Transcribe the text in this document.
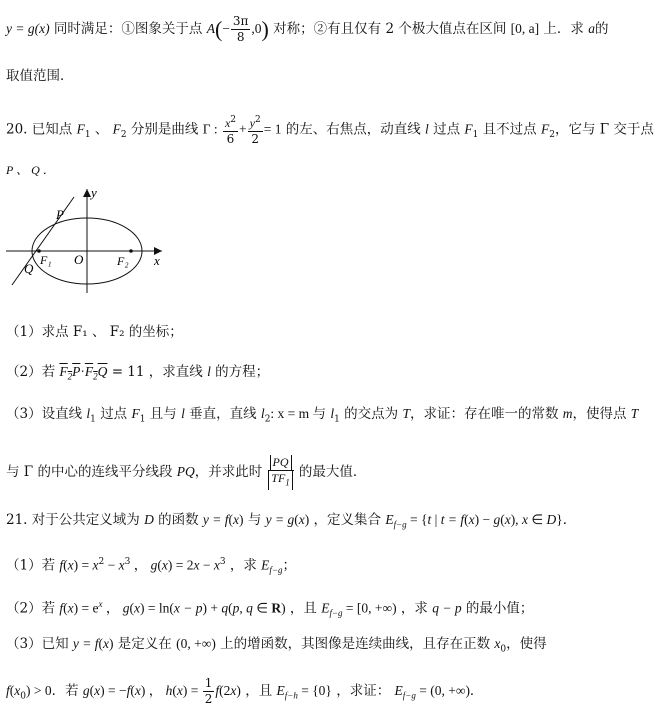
y = g(x) 同时满足：①图象关于点 $A(- \frac{3\pi}{8} ,0)$ 对称；②有且仅有 2 个极大值点在区间 [0, a] 上．求 a的
取值范围．
20. 已知点 $F_1$ 、 $F_2$ 分别是曲线 Γ : $\frac{x^2}{6} + \frac{y^2}{2} = 1$ 的左、右焦点，动直线 l 过点 $F_1$ 且不过点 $F_2$，它与 Γ 交于点
P 、 Q ．
y
x
P
Q
O
F₁	F₂
（1）求点 F₁ 、 F₂ 的坐标；
（2）若 $F_2P\cdot F_2Q = 11$ ，求直线 l 的方程；
（3）设直线 $l_1$ 过点 $F_1$ 且与 l 垂直，直线 $l_2$: x = m 与 $l_1$ 的交点为 T，求证：存在唯一的常数 m，使得点 T
与 Γ 的中心的连线平分线段 PQ，并求此时 $\frac{PQ}{TF_1}$ 的最大值．
21. 对于公共定义域为 D 的函数 y = f(x) 与 y = g(x) ，定义集合 $E_{f-g} = \{t$ | t = f(x) − g(x), x ∈ D}．
（1）若 $f(x) = x^2 - x^3$ ， $g(x) = 2x - x^3$ ，求 $E_{f-g}$；
（2）若 $f(x) = e^x$ ， g(x) = ln(x − p) + q(p, q ∈ R) ，且 $E_{f-g} = [0$, +∞) ，求 q − p 的最小值；
（3）已知 y = f(x) 是定义在 (0, +∞) 上的增函数，其图像是连续曲线，且存在正数 $x_0$，使得
$f(x_0) > 0$．若 g(x) = −f(x) ， $h(x) = \frac{1}{2} f(2x)$ ，且 $E_{f-h} = \{0\}$ ，求证： $E_{f-g} = (0$, +∞)．
